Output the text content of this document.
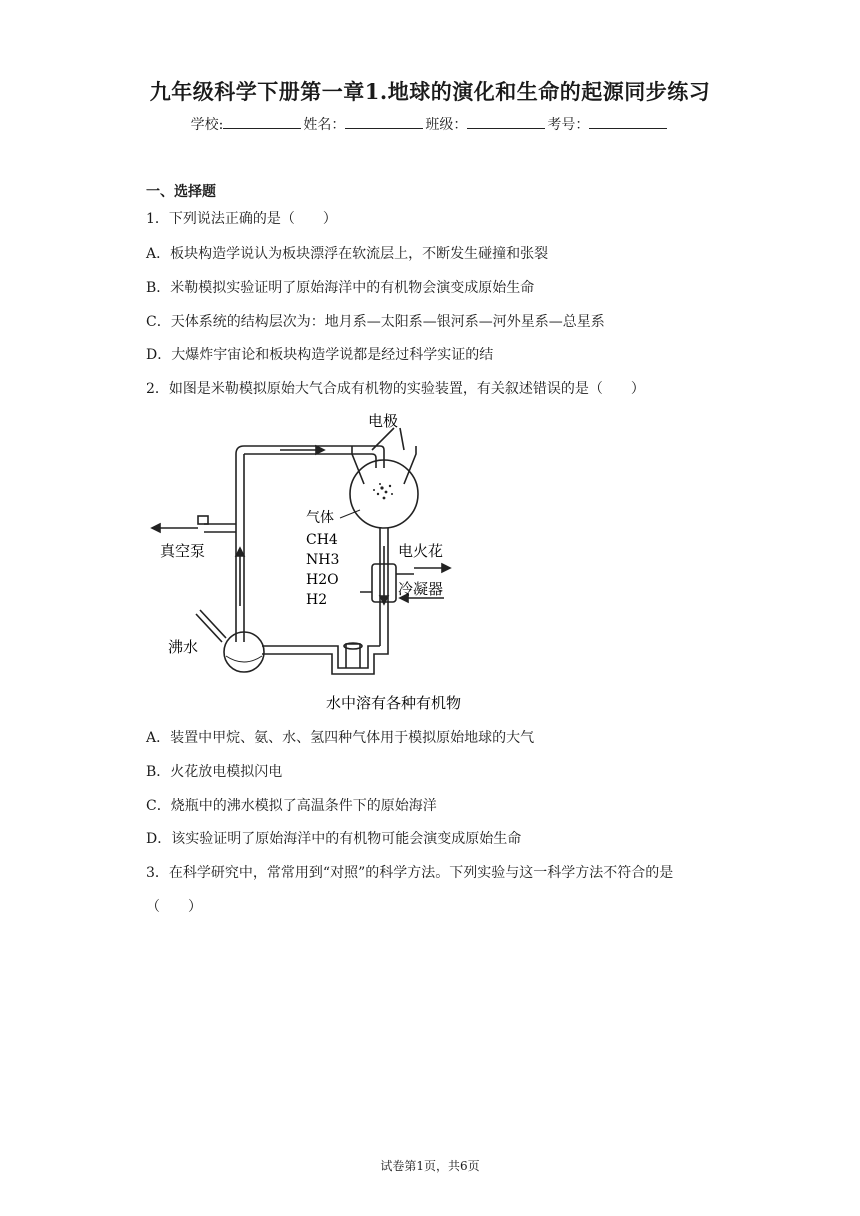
九年级科学下册第一章1.地球的演化和生命的起源同步练习
学校:	姓名：	班级：	考号：
一、选择题
1．下列说法正确的是（　　）
A．板块构造学说认为板块漂浮在软流层上，不断发生碰撞和张裂
B．米勒模拟实验证明了原始海洋中的有机物会演变成原始生命
C．天体系统的结构层次为：地月系—太阳系—银河系—河外星系—总星系
D．大爆炸宇宙论和板块构造学说都是经过科学实证的结
2．如图是米勒模拟原始大气合成有机物的实验装置，有关叙述错误的是（　　）
电极
气体
CH4
NH3
H2O
H2
电火花
冷凝器
真空泵
沸水
水中溶有各种有机物
A．装置中甲烷、氨、水、氢四种气体用于模拟原始地球的大气
B．火花放电模拟闪电
C．烧瓶中的沸水模拟了高温条件下的原始海洋
D．该实验证明了原始海洋中的有机物可能会演变成原始生命
3．在科学研究中，常常用到“对照”的科学方法。下列实验与这一科学方法不符合的是
（　　）
试卷第1页，共6页
